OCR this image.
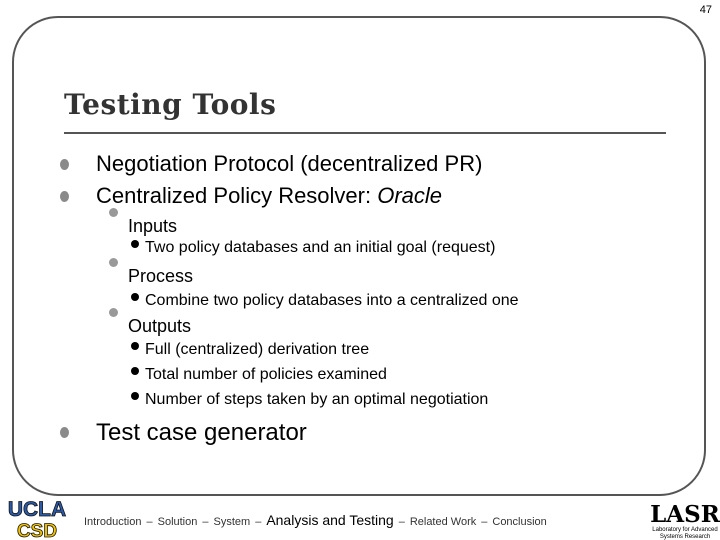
47
Testing Tools
Negotiation Protocol (decentralized PR)
Centralized Policy Resolver: Oracle
Inputs
Two policy databases and an initial goal (request)
Process
Combine two policy databases into a centralized one
Outputs
Full (centralized) derivation tree
Total number of policies examined
Number of steps taken by an optimal negotiation
Test case generator
UCLA
CSD Introduction – Solution – System – Analysis and Testing – Related Work – Conclusion	LASR
Laboratory for Advanced
Systems Research
